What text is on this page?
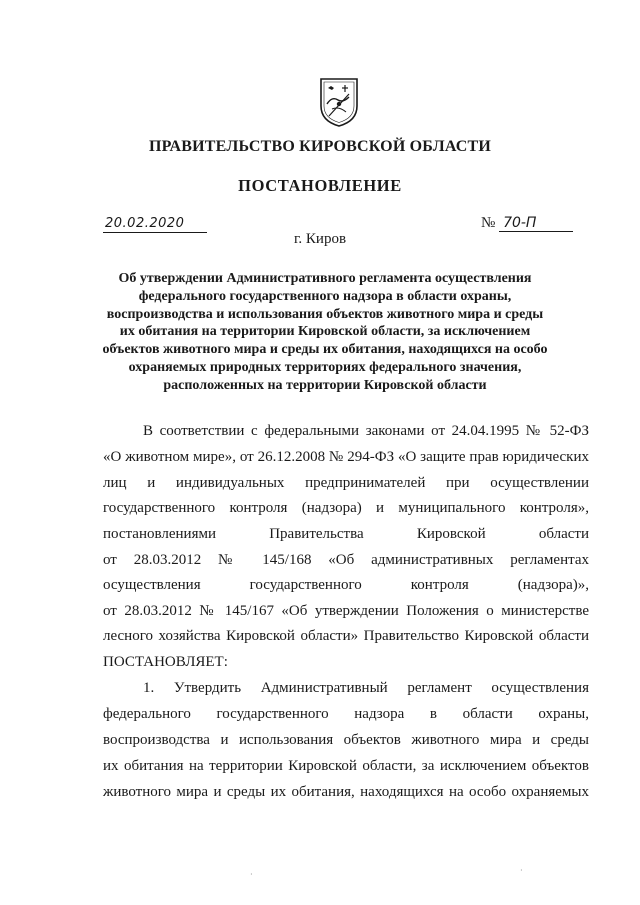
ПРАВИТЕЛЬСТВО КИРОВСКОЙ ОБЛАСТИ
ПОСТАНОВЛЕНИЕ
20.02.2020	№ 70-П
г. Киров
Об утверждении Административного регламента осуществления
федерального государственного надзора в области охраны,
воспроизводства и использования объектов животного мира и среды
их обитания на территории Кировской области, за исключением
объектов животного мира и среды их обитания, находящихся на особо
охраняемых природных территориях федерального значения,
расположенных на территории Кировской области
В соответствии с федеральными законами от 24.04.1995 № 52-ФЗ
«О животном мире», от 26.12.2008 № 294-ФЗ «О защите прав юридических
лиц и индивидуальных предпринимателей при осуществлении
государственного контроля (надзора) и муниципального контроля»,
постановлениями Правительства Кировской области
от 28.03.2012 № 145/168 «Об административных регламентах
осуществления государственного контроля (надзора)»,
от 28.03.2012 № 145/167 «Об утверждении Положения о министерстве
лесного хозяйства Кировской области» Правительство Кировской области
ПОСТАНОВЛЯЕТ:
1. Утвердить Административный регламент осуществления
федерального государственного надзора в области охраны,
воспроизводства и использования объектов животного мира и среды
их обитания на территории Кировской области, за исключением объектов
животного мира и среды их обитания, находящихся на особо охраняемых
·	·
